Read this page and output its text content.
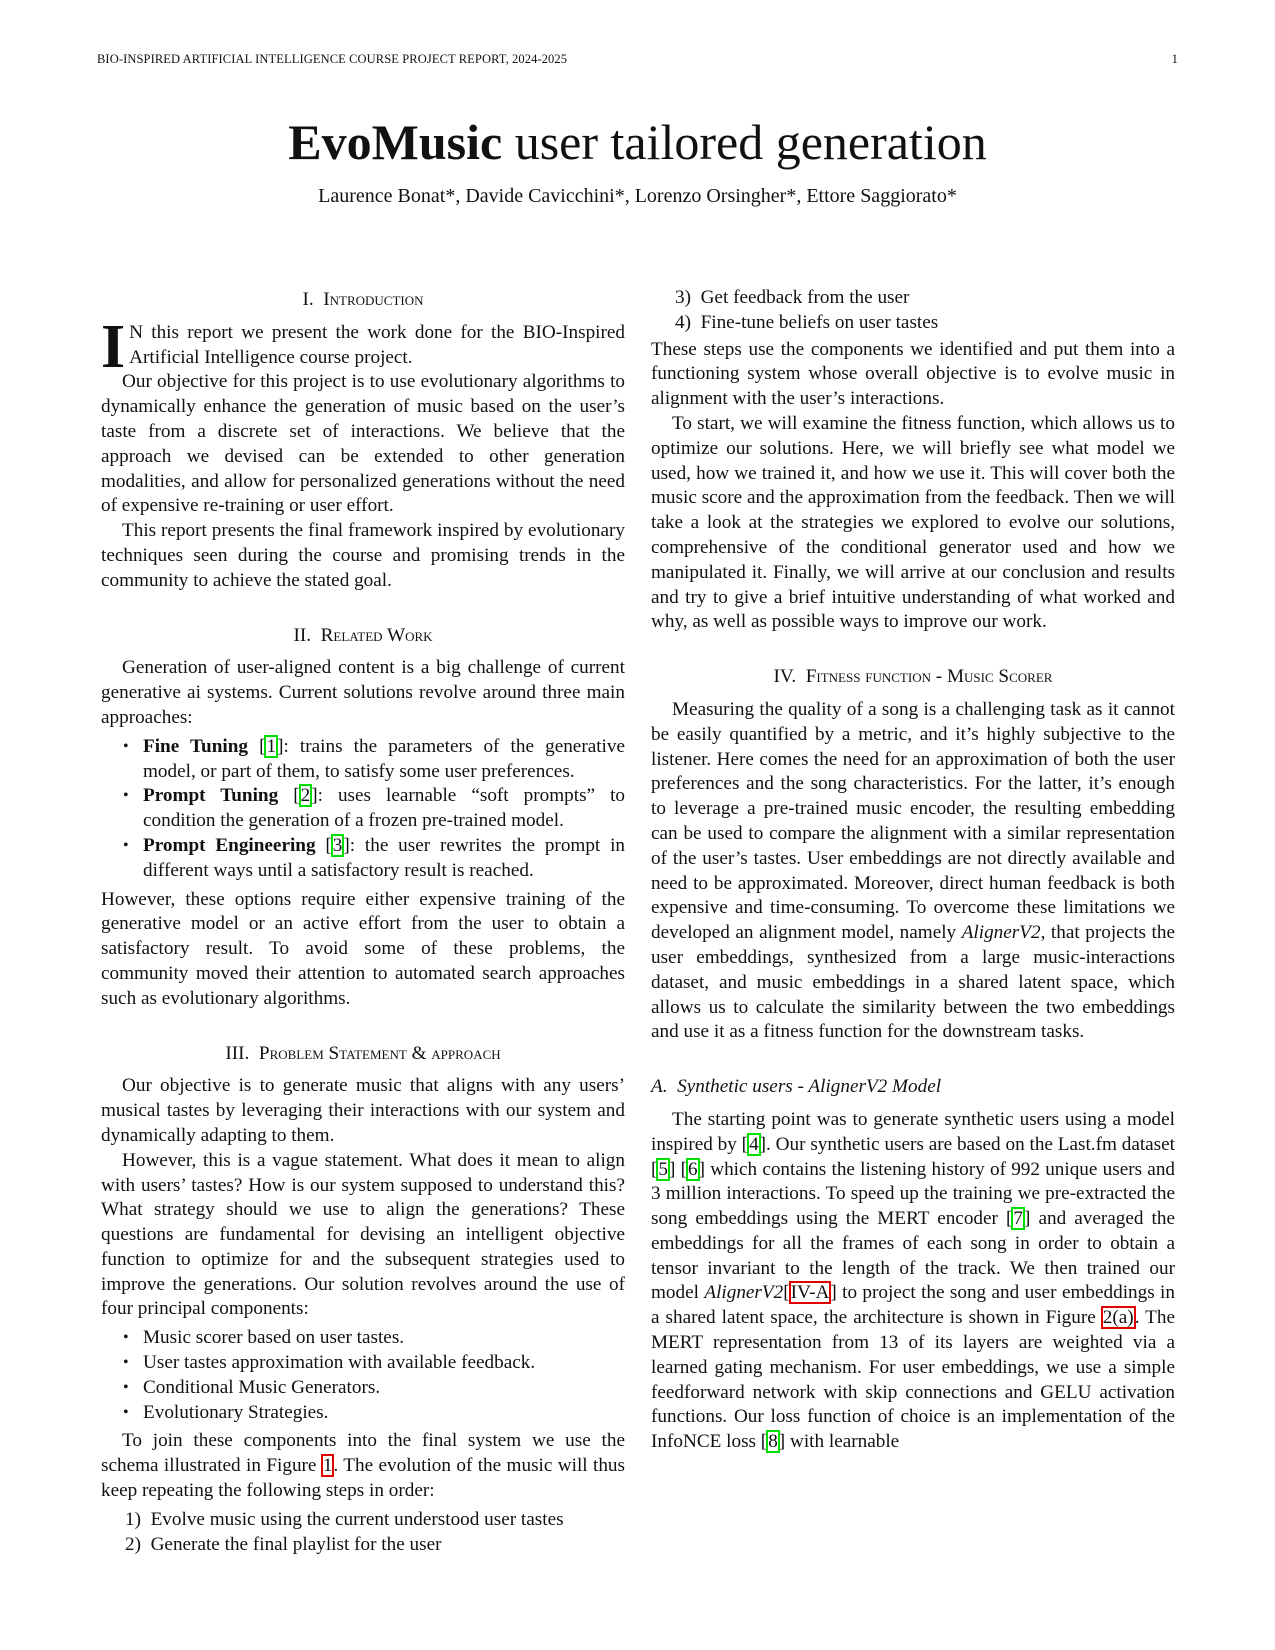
BIO-INSPIRED ARTIFICIAL INTELLIGENCE COURSE PROJECT REPORT, 2024-2025	1
EvoMusic user tailored generation
Laurence Bonat*, Davide Cavicchini*, Lorenzo Orsingher*, Ettore Saggiorato*
I. Introduction

I N this report we present the work done for the BIO-Inspired Artificial Intelligence course project.

Our objective for this project is to use evolutionary algorithms to dynamically enhance the generation of music based on the user’s taste from a discrete set of interactions. We believe that the approach we devised can be extended to other generation modalities, and allow for personalized generations without the need of expensive re-training or user effort.

This report presents the final framework inspired by evolutionary techniques seen during the course and promising trends in the community to achieve the stated goal.

II. Related Work

Generation of user-aligned content is a big challenge of current generative ai systems. Current solutions revolve around three main approaches:

• Fine Tuning [1]: trains the parameters of the generative model, or part of them, to satisfy some user preferences.
• Prompt Tuning [2]: uses learnable “soft prompts” to condition the generation of a frozen pre-trained model.
• Prompt Engineering [3]: the user rewrites the prompt in different ways until a satisfactory result is reached.

However, these options require either expensive training of the generative model or an active effort from the user to obtain a satisfactory result. To avoid some of these problems, the community moved their attention to automated search approaches such as evolutionary algorithms.

III. Problem Statement & approach

Our objective is to generate music that aligns with any users’ musical tastes by leveraging their interactions with our system and dynamically adapting to them.

However, this is a vague statement. What does it mean to align with users’ tastes? How is our system supposed to understand this? What strategy should we use to align the generations? These questions are fundamental for devising an intelligent objective function to optimize for and the subsequent strategies used to improve the generations. Our solution revolves around the use of four principal components:

• Music scorer based on user tastes.
• User tastes approximation with available feedback.
• Conditional Music Generators.
• Evolutionary Strategies.

To join these components into the final system we use the schema illustrated in Figure 1. The evolution of the music will thus keep repeating the following steps in order:

1) Evolve music using the current understood user tastes
2) Generate the final playlist for the user
3) Get feedback from the user
4) Fine-tune beliefs on user tastes

These steps use the components we identified and put them into a functioning system whose overall objective is to evolve music in alignment with the user’s interactions.

To start, we will examine the fitness function, which allows us to optimize our solutions. Here, we will briefly see what model we used, how we trained it, and how we use it. This will cover both the music score and the approximation from the feedback. Then we will take a look at the strategies we explored to evolve our solutions, comprehensive of the conditional generator used and how we manipulated it. Finally, we will arrive at our conclusion and results and try to give a brief intuitive understanding of what worked and why, as well as possible ways to improve our work.

IV. Fitness function - Music Scorer

Measuring the quality of a song is a challenging task as it cannot be easily quantified by a metric, and it’s highly subjective to the listener. Here comes the need for an approximation of both the user preferences and the song characteristics. For the latter, it’s enough to leverage a pre-trained music encoder, the resulting embedding can be used to compare the alignment with a similar representation of the user’s tastes. User embeddings are not directly available and need to be approximated. Moreover, direct human feedback is both expensive and time-consuming. To overcome these limitations we developed an alignment model, namely AlignerV2, that projects the user embeddings, synthesized from a large music-interactions dataset, and music embeddings in a shared latent space, which allows us to calculate the similarity between the two embeddings and use it as a fitness function for the downstream tasks.

A. Synthetic users - AlignerV2 Model

The starting point was to generate synthetic users using a model inspired by [4]. Our synthetic users are based on the Last.fm dataset [5] [6] which contains the listening history of 992 unique users and 3 million interactions. To speed up the training we pre-extracted the song embeddings using the MERT encoder [7] and averaged the embeddings for all the frames of each song in order to obtain a tensor invariant to the length of the track. We then trained our model AlignerV2[IV-A] to project the song and user embeddings in a shared latent space, the architecture is shown in Figure 2(a). The MERT representation from 13 of its layers are weighted via a learned gating mechanism. For user embeddings, we use a simple feedforward network with skip connections and GELU activation functions. Our loss function of choice is an implementation of the InfoNCE loss [8] with learnable
